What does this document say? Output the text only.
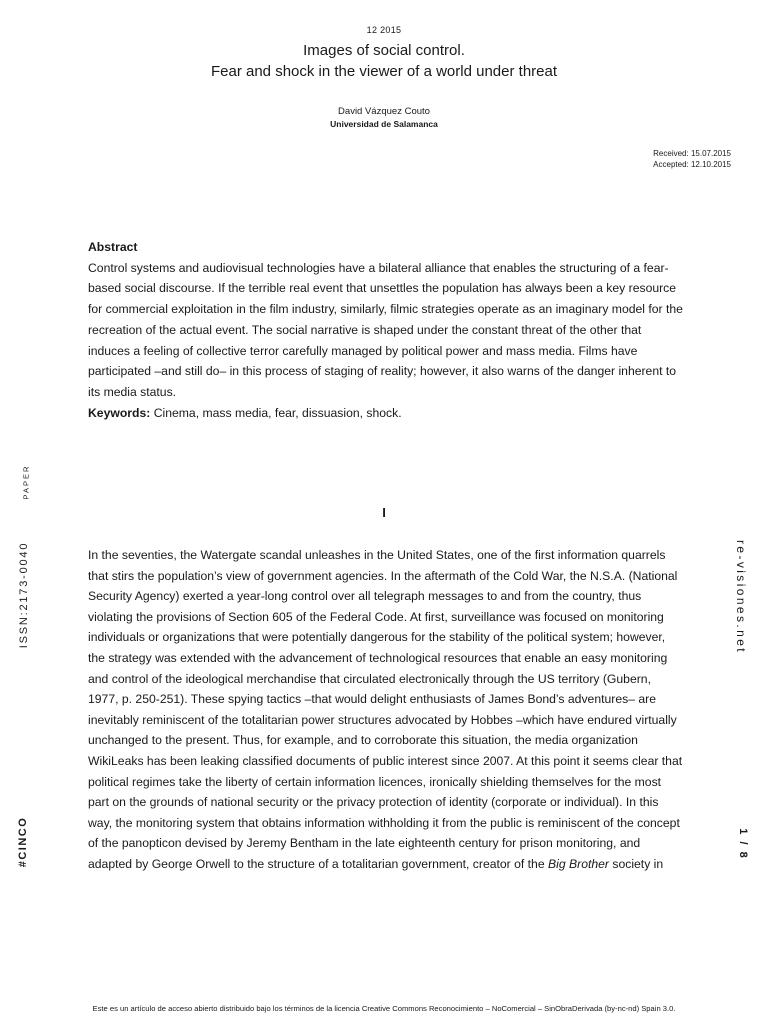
12 2015
Images of social control.
Fear and shock in the viewer of a world under threat
David Vázquez Couto
Universidad de Salamanca
Received: 15.07.2015
Accepted: 12.10.2015
Abstract

Control systems and audiovisual technologies have a bilateral alliance that enables the structuring of a fear-based social discourse. If the terrible real event that unsettles the population has always been a key resource for commercial exploitation in the film industry, similarly, filmic strategies operate as an imaginary model for the recreation of the actual event. The social narrative is shaped under the constant threat of the other that induces a feeling of collective terror carefully managed by political power and mass media. Films have participated –and still do– in this process of staging of reality; however, it also warns of the danger inherent to its media status.

Keywords: Cinema, mass media, fear, dissuasion, shock.

I

In the seventies, the Watergate scandal unleashes in the United States, one of the first information quarrels that stirs the population’s view of government agencies. In the aftermath of the Cold War, the N.S.A. (National Security Agency) exerted a year-long control over all telegraph messages to and from the country, thus violating the provisions of Section 605 of the Federal Code. At first, surveillance was focused on monitoring individuals or organizations that were potentially dangerous for the stability of the political system; however, the strategy was extended with the advancement of technological resources that enable an easy monitoring and control of the ideological merchandise that circulated electronically through the US territory (Gubern, 1977, p. 250-251). These spying tactics –that would delight enthusiasts of James Bond’s adventures– are inevitably reminiscent of the totalitarian power structures advocated by Hobbes –which have endured virtually unchanged to the present. Thus, for example, and to corroborate this situation, the media organization WikiLeaks has been leaking classified documents of public interest since 2007. At this point it seems clear that political regimes take the liberty of certain information licences, ironically shielding themselves for the most part on the grounds of national security or the privacy protection of identity (corporate or individual). In this way, the monitoring system that obtains information withholding it from the public is reminiscent of the concept of the panopticon devised by Jeremy Bentham in the late eighteenth century for prison monitoring, and adapted by George Orwell to the structure of a totalitarian government, creator of the Big Brother society in

PAPER
ISSN:2173-0040
#CINCO
re-visiones.net
1 / 8
Este es un artículo de acceso abierto distribuido bajo los términos de la licencia Creative Commons Reconocimiento – NoComercial – SinObraDerivada (by-nc-nd) Spain 3.0.
